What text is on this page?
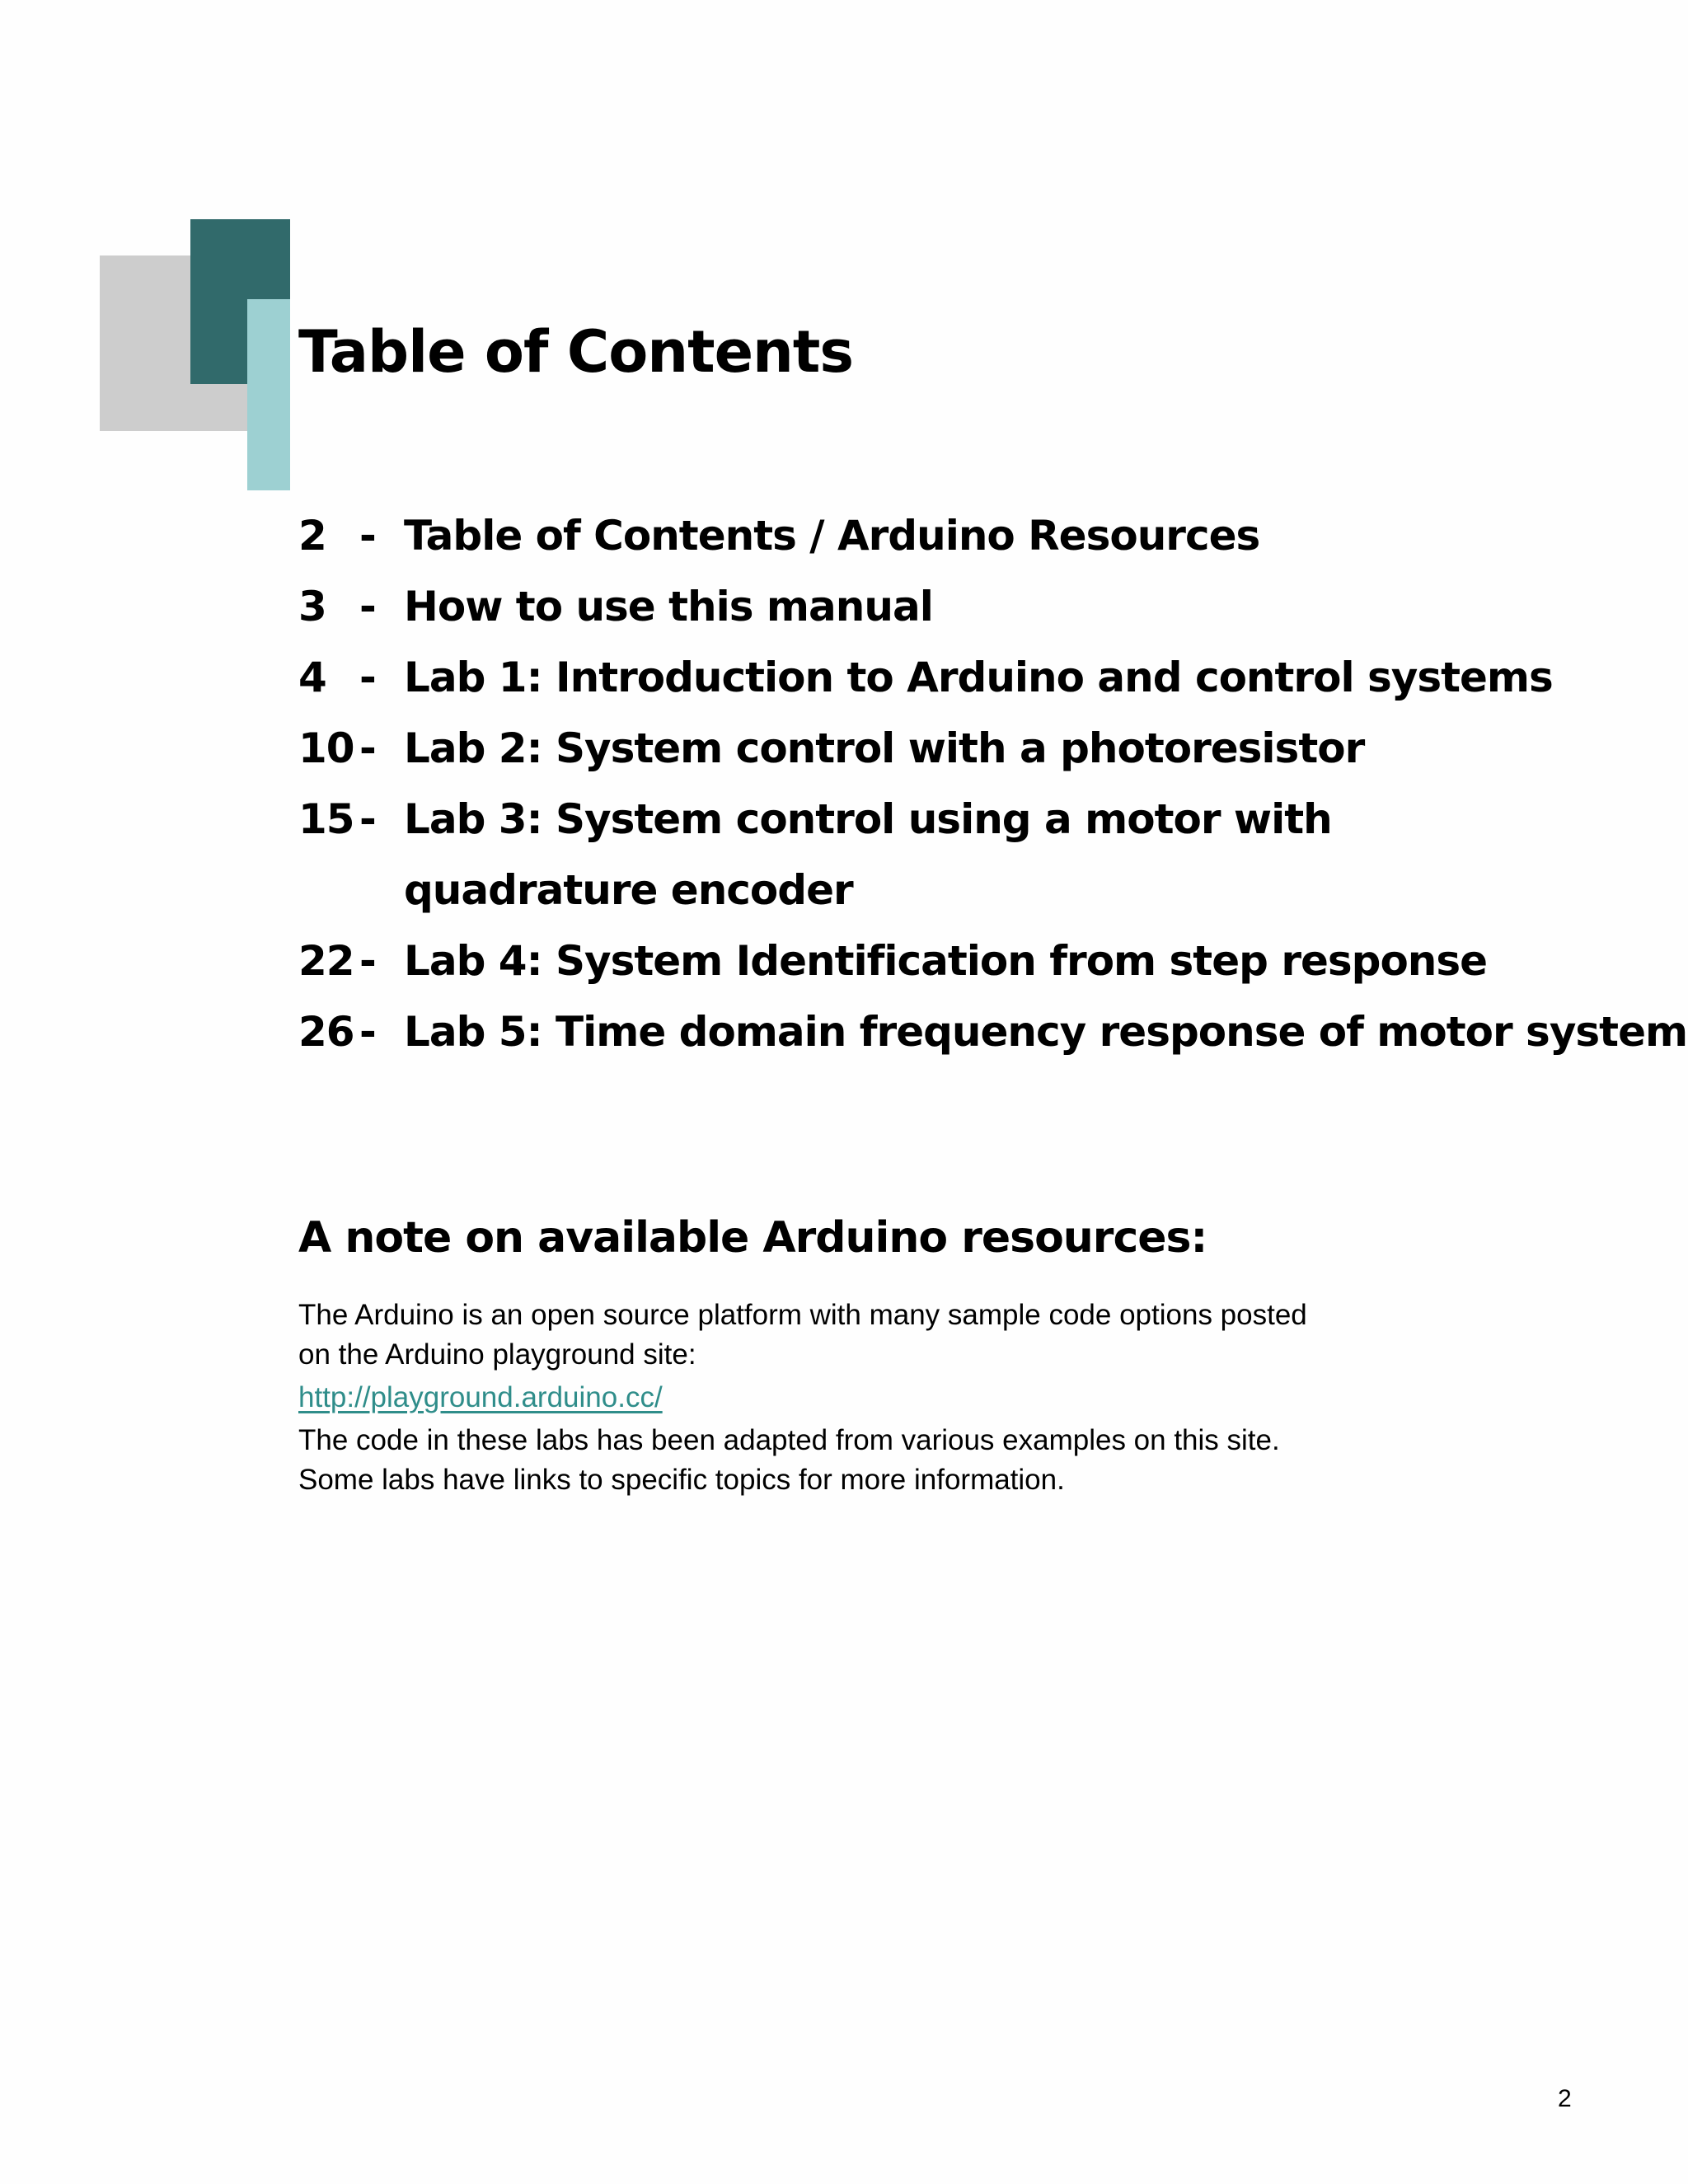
Table of Contents
2 - Table of Contents / Arduino Resources
3 - How to use this manual
4 - Lab 1: Introduction to Arduino and control systems
10 - Lab 2: System control with a photoresistor
15 - Lab 3: System control using a motor with quadrature encoder
22 - Lab 4: System Identification from step response
26 - Lab 5: Time domain frequency response of motor system
A note on available Arduino resources:

The Arduino is an open source platform with many sample code options posted

on the Arduino playground site:

http://playground.arduino.cc/

The code in these labs has been adapted from various examples on this site.

Some labs have links to specific topics for more information.

2
